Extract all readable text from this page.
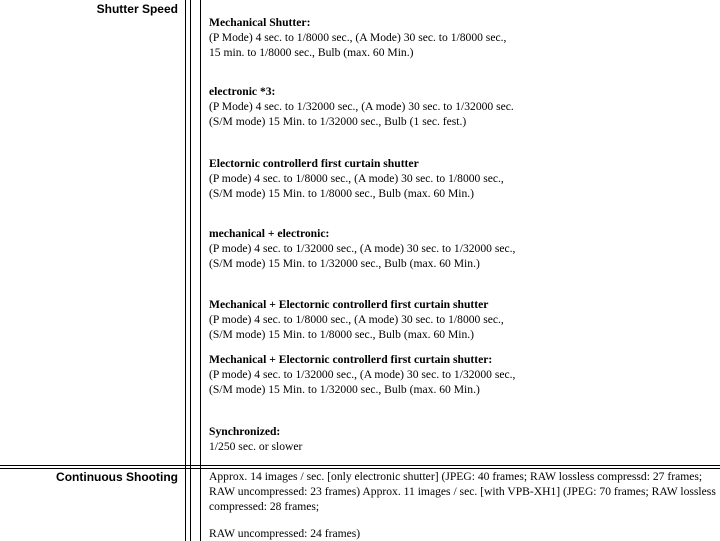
Shutter Speed
Mechanical Shutter:
(P Mode) 4 sec. to 1/8000 sec., (A Mode) 30 sec. to 1/8000 sec.,
15 min. to 1/8000 sec., Bulb (max. 60 Min.)
electronic *3:
(P Mode) 4 sec. to 1/32000 sec., (A mode) 30 sec. to 1/32000 sec.
(S/M mode) 15 Min. to 1/32000 sec., Bulb (1 sec. fest.)
Electornic controllerd first curtain shutter
(P mode) 4 sec. to 1/8000 sec., (A mode) 30 sec. to 1/8000 sec.,
(S/M mode) 15 Min. to 1/8000 sec., Bulb (max. 60 Min.)
mechanical + electronic:
(P mode) 4 sec. to 1/32000 sec., (A mode) 30 sec. to 1/32000 sec.,
(S/M mode) 15 Min. to 1/32000 sec., Bulb (max. 60 Min.)
Mechanical + Electornic controllerd first curtain shutter
(P mode) 4 sec. to 1/8000 sec., (A mode) 30 sec. to 1/8000 sec.,
(S/M mode) 15 Min. to 1/8000 sec., Bulb (max. 60 Min.)
Mechanical + Electornic controllerd first curtain shutter:
(P mode) 4 sec. to 1/32000 sec., (A mode) 30 sec. to 1/32000 sec.,
(S/M mode) 15 Min. to 1/32000 sec., Bulb (max. 60 Min.)
Synchronized:
1/250 sec. or slower
Continuous Shooting	Approx. 14 images / sec. [only electronic shutter] (JPEG: 40 frames; RAW lossless compressd: 27 frames; RAW uncompressed: 23 frames) Approx. 11 images / sec. [with VPB-XH1] (JPEG: 70 frames; RAW lossless compressed: 28 frames;
RAW uncompressed: 24 frames)
